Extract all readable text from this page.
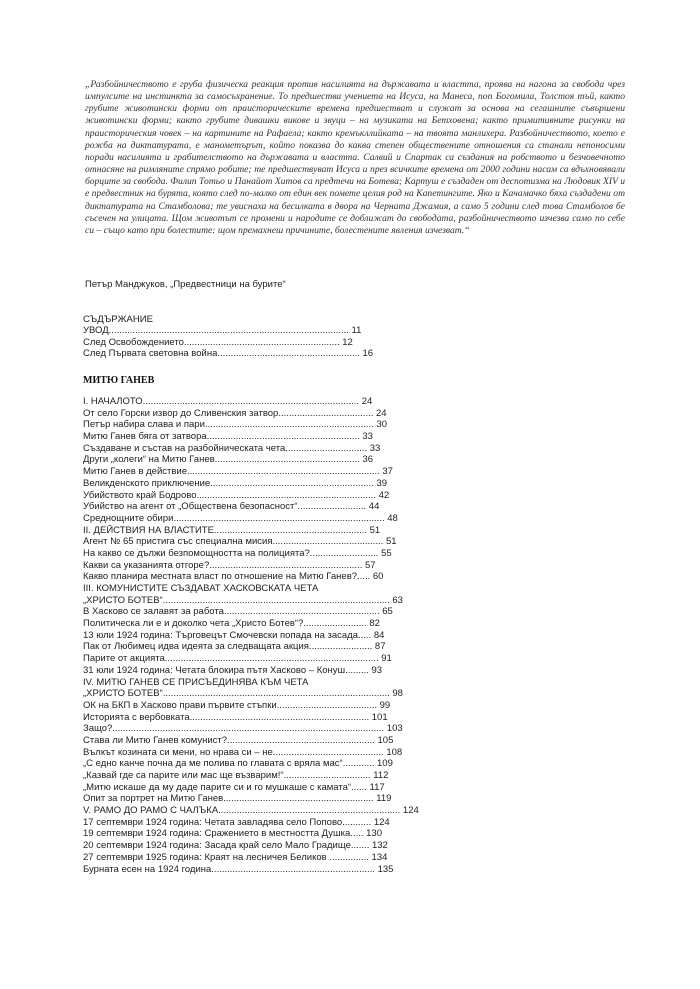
„Разбойничеството е груба физическа реакция против насилията на държавата и властта, проява на нагона за свобода чрез импулсите на инстинкта за самосъхранение. То предшества учениета на Исуса, на Манеса, поп Богомила, Толстоя тъй, както грубите животински форми от праисторическите времена предшестват и служат за основа на сегашните съвършени животински форми; както грубите дивашки викове и звуци – на музиката на Бетховена; както примитивните рисунки на праисторическия човек – на картините на Рафаела; както кремъкллийката – на твоята манлихера. Разбойничеството, което е рожба на диктатурата, е манометърът, който показва до каква степен обществените отношения са станали непоносими поради насилията и грабителството на държавата и властта. Салвий и Спартак са създания на робството и безчовечното отнасяне на римляните спрямо робите; те предшествуват Исуса и през всичките времена от 2000 години насам са вдъхновявали борците за свобода. Филип Тотьо и Панайот Хитов са предтечи на Ботева; Картуш е създаден от деспотизма на Людовик XIV и е предвестник на бурята, която след по-малко от един век помете целия род на Капетингите. Яко и Качамачко бяха създадени от диктатурата на Стамболова; те увиснаха на бесилката в двора на Черната Джамия, а само 5 години след това Стамболов бе съсечен на улицата. Щом животът се промени и народите се доближат до свободата, разбойничеството изчезва само по себе си – също като при болестите: щом премахнеш причините, болестените явления изчезват.“

Петър Манджуков, „Предвестници на бурите“

СЪДЪРЖАНИЕ
УВОД........................................................................................... 11
След Освобождението........................................................... 12
След Първата световна война...................................................... 16
МИТЮ ГАНЕВ
I. НАЧАЛОТО.................................................................................. 24
От село Горски извор до Сливенския затвор.................................... 24
Петър набира слава и пари................................................................ 30
Митю Ганев бяга от затвора.......................................................... 33
Създаване и състав на разбойническата чета............................... 33
Други „колеги“ на Митю Ганев....................................................... 36
Митю Ганев в действие......................................................................... 37
Великденското приключение.............................................................. 39
Убийството край Бодрово.................................................................... 42
Убийство на агент от „Обществена безопасност“.......................... 44
Среднощните обири................................................................................ 48
II. ДЕЙСТВИЯ НА ВЛАСТИТЕ.......................................................... 51
Агент № 65 пристига със специална мисия.......................................... 51
На какво се дължи безпомощността на полицията?.......................... 55
Какви са указанията отгоре?.......................................................... 57
Какво планира местната власт по отношение на Митю Ганев?..... 60
III. КОМУНИСТИТЕ СЪЗДАВАТ ХАСКОВСКАТА ЧЕТА
„ХРИСТО БОТЕВ“...................................................................................... 63
В Хасково се залавят за работа........................................................... 65
Политическа ли е и доколко чета „Христо Ботев“?........................ 82
13 юли 1924 година: Търговецът Смочевски попада на засада..... 84
Пак от Любимец идва идеята за следващата акция........................ 87
Парите от акцията................................................................................. 91
31 юли 1924 година: Четата блокира пътя Хасково – Конуш......... 93
IV. МИТЮ ГАНЕВ СЕ ПРИСЪЕДИНЯВА КЪМ ЧЕТА
„ХРИСТО БОТЕВ“...................................................................................... 98
ОК на БКП в Хасково прави първите стъпки...................................... 99
Историята с вербовката.................................................................... 101
Защо?....................................................................................................... 103
Става ли Митю Ганев комунист?........................................................ 105
Вълкът козината си мени, но нрава си – не.......................................... 108
„С едно канче почна да ме полива по главата с вряла мас“............ 109
„Казвай где са парите или мас ще възварим!“................................. 112
„Митю искаше да му даде парите си и го мушкаше с камата“...... 117
Опит за портрет на Митю Ганев......................................................... 119
V. РАМО ДО РАМО С ЧАЛЪКА..................................................................... 124
17 септември 1924 година: Четата завладява село Попово........... 124
19 септември 1924 година: Сражението в местността Душка..... 130
20 септември 1924 година: Засада край село Мало Градище....... 132
27 септември 1925 година: Краят на лесничея Беликов ............... 134
Бурната есен на 1924 година.............................................................. 135
